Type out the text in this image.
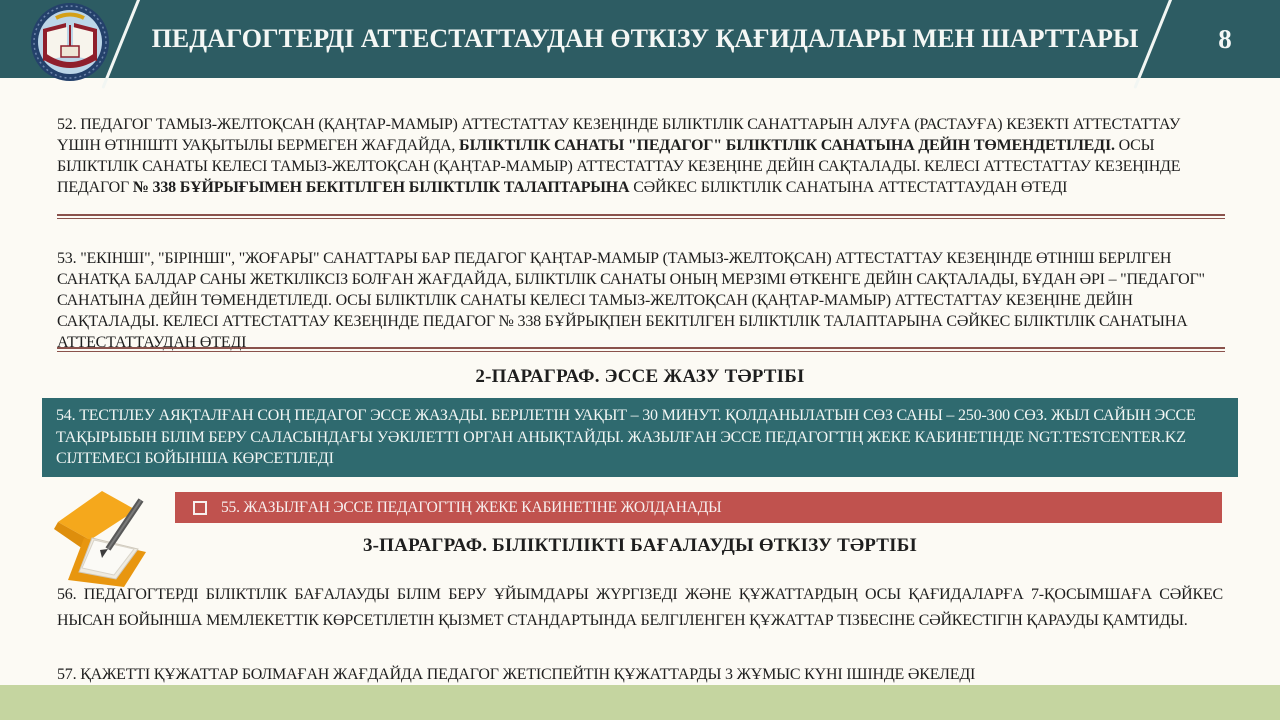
ПЕДАГОГТЕРДІ АТТЕСТАТТАУДАН ӨТКІЗУ ҚАҒИДАЛАРЫ МЕН ШАРТТАРЫ	8

52. ПЕДАГОГ ТАМЫЗ-ЖЕЛТОҚСАН (ҚАҢТАР-МАМЫР) АТТЕСТАТТАУ КЕЗЕҢІНДЕ БІЛІКТІЛІК САНАТТАРЫН АЛУҒА (РАСТАУҒА) КЕЗЕКТІ АТТЕСТАТТАУ ҮШІН ӨТІНІШТІ УАҚЫТЫЛЫ БЕРМЕГЕН ЖАҒДАЙДА, БІЛІКТІЛІК САНАТЫ "ПЕДАГОГ" БІЛІКТІЛІК САНАТЫНА ДЕЙІН ТӨМЕНДЕТІЛЕДІ. ОСЫ БІЛІКТІЛІК САНАТЫ КЕЛЕСІ ТАМЫЗ-ЖЕЛТОҚСАН (ҚАҢТАР-МАМЫР) АТТЕСТАТТАУ КЕЗЕҢІНЕ ДЕЙІН САҚТАЛАДЫ. КЕЛЕСІ АТТЕСТАТТАУ КЕЗЕҢІНДЕ ПЕДАГОГ № 338 БҰЙРЫҒЫМЕН БЕКІТІЛГЕН БІЛІКТІЛІК ТАЛАПТАРЫНА СӘЙКЕС БІЛІКТІЛІК САНАТЫНА АТТЕСТАТТАУДАН ӨТЕДІ

53. "ЕКІНШІ", "БІРІНШІ", "ЖОҒАРЫ" САНАТТАРЫ БАР ПЕДАГОГ ҚАҢТАР-МАМЫР (ТАМЫЗ-ЖЕЛТОҚСАН) АТТЕСТАТТАУ КЕЗЕҢІНДЕ ӨТІНІШ БЕРІЛГЕН САНАТҚА БАЛДАР САНЫ ЖЕТКІЛІКСІЗ БОЛҒАН ЖАҒДАЙДА, БІЛІКТІЛІК САНАТЫ ОНЫҢ МЕРЗІМІ ӨТКЕНГЕ ДЕЙІН САҚТАЛАДЫ, БҰДАН ӘРІ – "ПЕДАГОГ" САНАТЫНА ДЕЙІН ТӨМЕНДЕТІЛЕДІ. ОСЫ БІЛІКТІЛІК САНАТЫ КЕЛЕСІ ТАМЫЗ-ЖЕЛТОҚСАН (ҚАҢТАР-МАМЫР) АТТЕСТАТТАУ КЕЗЕҢІНЕ ДЕЙІН САҚТАЛАДЫ. КЕЛЕСІ АТТЕСТАТТАУ КЕЗЕҢІНДЕ ПЕДАГОГ № 338 БҰЙРЫҚПЕН БЕКІТІЛГЕН БІЛІКТІЛІК ТАЛАПТАРЫНА СӘЙКЕС БІЛІКТІЛІК САНАТЫНА АТТЕСТАТТАУДАН ӨТЕДІ

2-ПАРАГРАФ. ЭССЕ ЖАЗУ ТӘРТІБІ
54. ТЕСТІЛЕУ АЯҚТАЛҒАН СОҢ ПЕДАГОГ ЭССЕ ЖАЗАДЫ. БЕРІЛЕТІН УАҚЫТ – 30 МИНУТ. ҚОЛДАНЫЛАТЫН СӨЗ САНЫ – 250-300 СӨЗ. ЖЫЛ САЙЫН ЭССЕ ТАҚЫРЫБЫН БІЛІМ БЕРУ САЛАСЫНДАҒЫ УӘКІЛЕТТІ ОРГАН АНЫҚТАЙДЫ. ЖАЗЫЛҒАН ЭССЕ ПЕДАГОГТІҢ ЖЕКЕ КАБИНЕТІНДЕ NGT.TESTCENTER.KZ СІЛТЕМЕСІ БОЙЫНША КӨРСЕТІЛЕДІ
55. ЖАЗЫЛҒАН ЭССЕ ПЕДАГОГТІҢ ЖЕКЕ КАБИНЕТІНЕ ЖОЛДАНАДЫ
3-ПАРАГРАФ. БІЛІКТІЛІКТІ БАҒАЛАУДЫ ӨТКІЗУ ТӘРТІБІ

56. ПЕДАГОГТЕРДІ БІЛІКТІЛІК БАҒАЛАУДЫ БІЛІМ БЕРУ ҰЙЫМДАРЫ ЖҮРГІЗЕДІ ЖӘНЕ ҚҰЖАТТАРДЫҢ ОСЫ ҚАҒИДАЛАРҒА 7-ҚОСЫМШАҒА СӘЙКЕС НЫСАН БОЙЫНША МЕМЛЕКЕТТІК КӨРСЕТІЛЕТІН ҚЫЗМЕТ СТАНДАРТЫНДА БЕЛГІЛЕНГЕН ҚҰЖАТТАР ТІЗБЕСІНЕ СӘЙКЕСТІГІН ҚАРАУДЫ ҚАМТИДЫ.

57. ҚАЖЕТТІ ҚҰЖАТТАР БОЛМАҒАН ЖАҒДАЙДА ПЕДАГОГ ЖЕТІСПЕЙТІН ҚҰЖАТТАРДЫ 3 ЖҰМЫС КҮНІ ІШІНДЕ ӘКЕЛЕДІ
